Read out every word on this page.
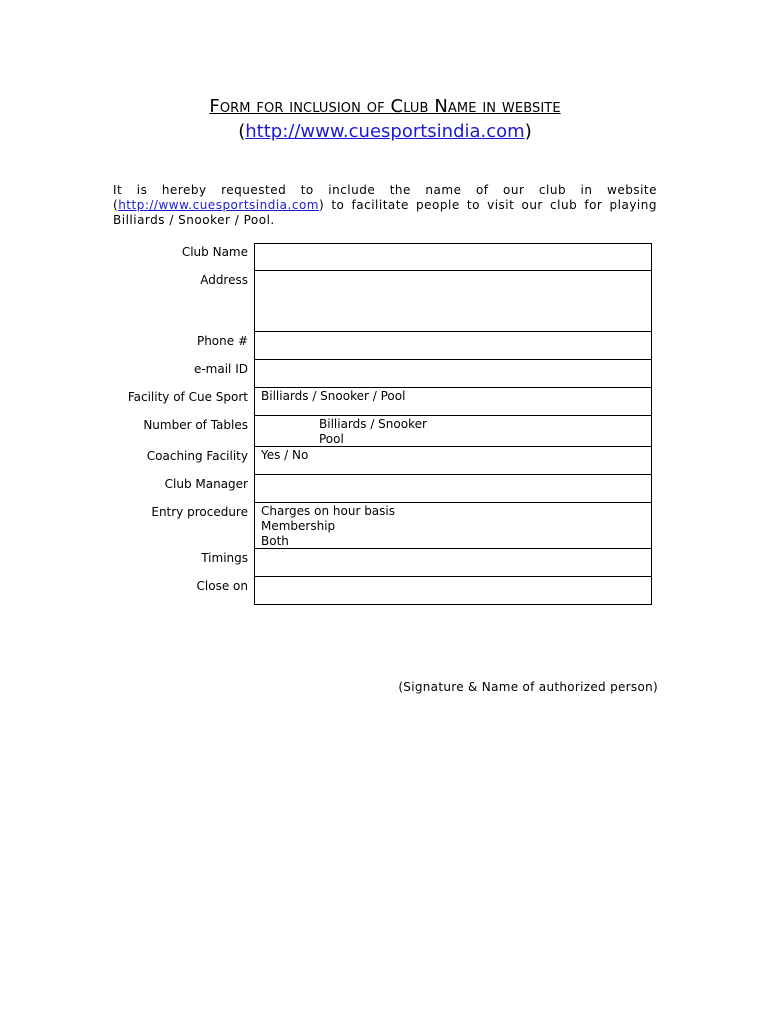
Form for inclusion of Club Name in website
(http://www.cuesportsindia.com)
It is hereby requested to include the name of our club in website
(http://www.cuesportsindia.com) to facilitate people to visit our club for playing
Billiards / Snooker / Pool.
Club Name
Address
Phone #
e-mail ID
Facility of Cue Sport	Billiards / Snooker / Pool
Number of Tables	Billiards / Snooker
Pool
Coaching Facility	Yes / No
Club Manager
Entry procedure	Charges on hour basis
Membership
Both
Timings
Close on
(Signature & Name of authorized person)
